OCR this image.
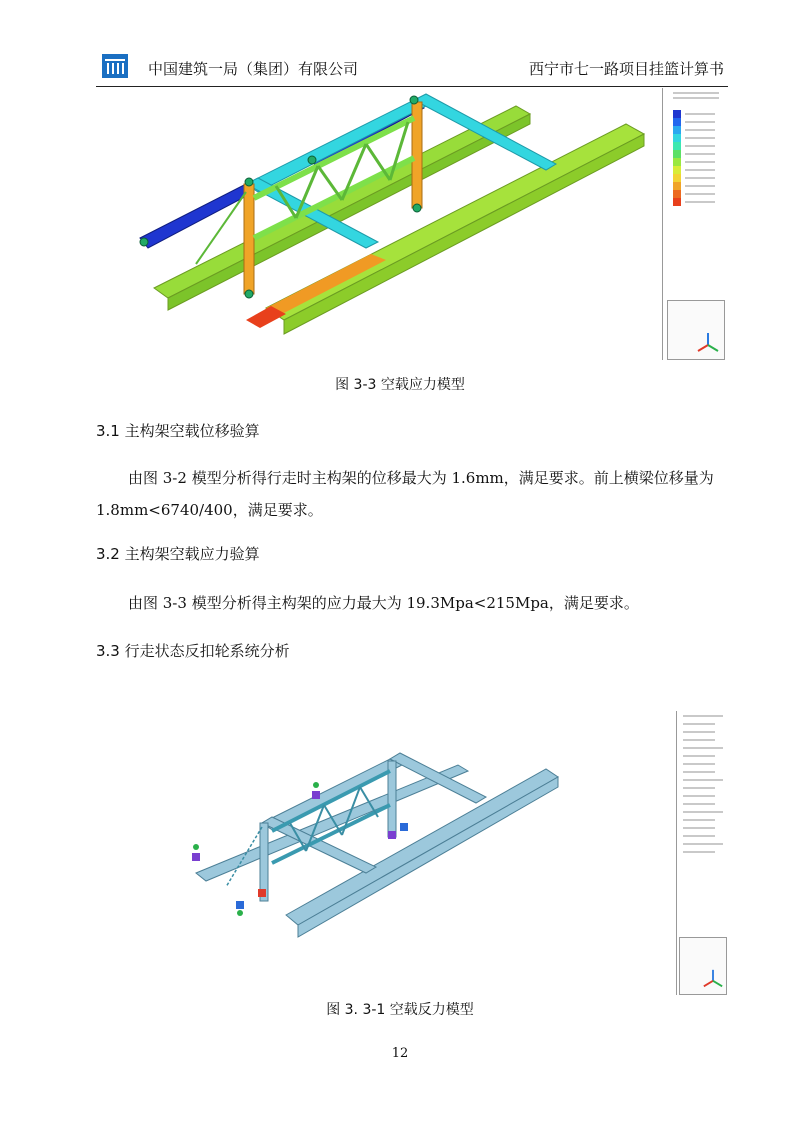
中国建筑一局（集团）有限公司	西宁市七一路项目挂篮计算书
图 3-3 空载应力模型
3.1 主构架空载位移验算
由图 3-2 模型分析得行走时主构架的位移最大为 1.6mm，满足要求。前上横梁位移量为 1.8mm<6740/400，满足要求。
3.2 主构架空载应力验算
由图 3-3 模型分析得主构架的应力最大为 19.3Mpa<215Mpa，满足要求。
3.3 行走状态反扣轮系统分析
图 3. 3-1 空载反力模型
12
